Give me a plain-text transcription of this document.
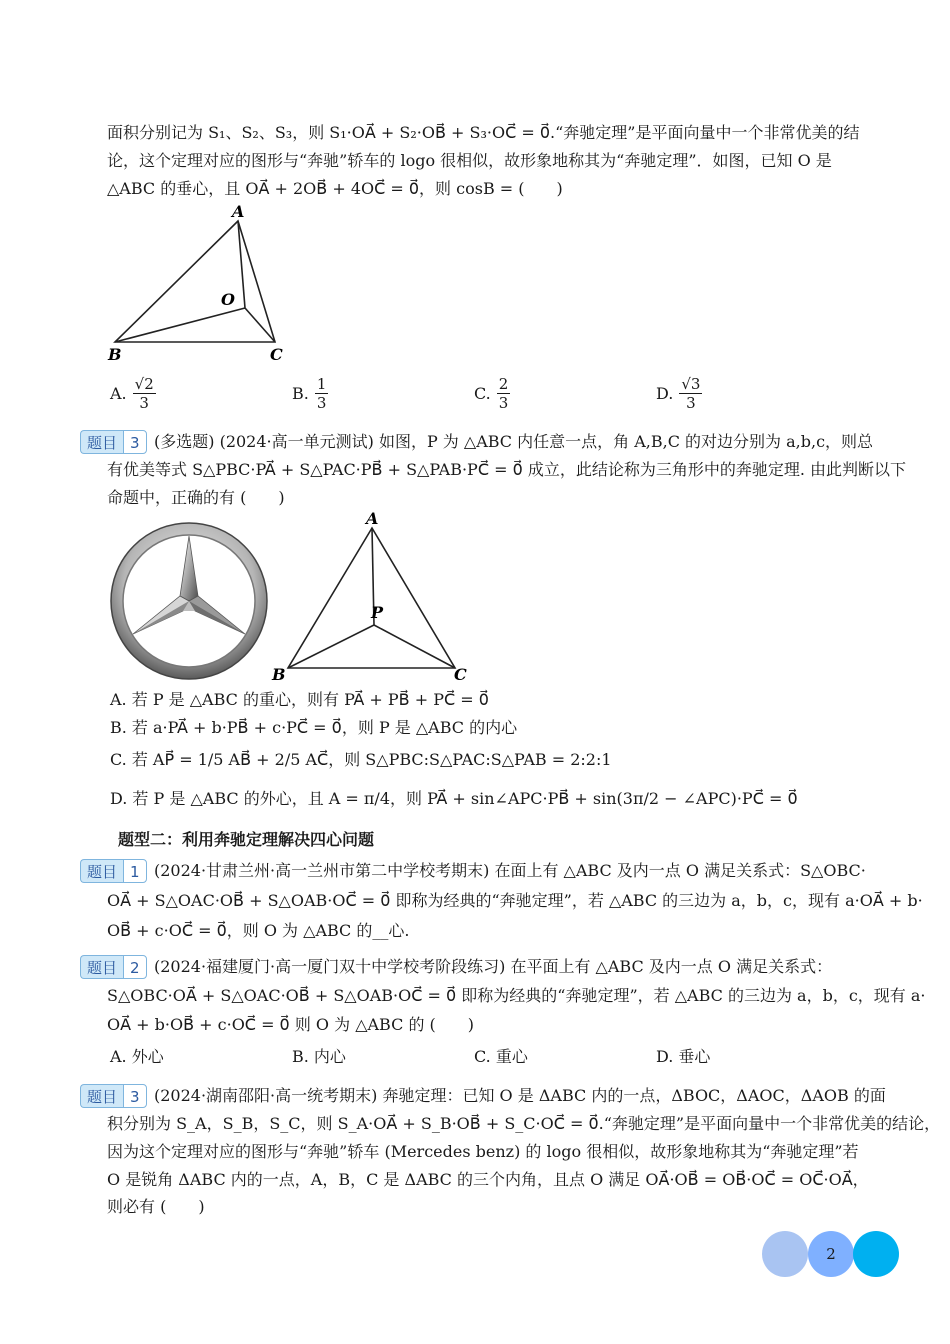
面积分别记为 S₁、S₂、S₃，则 S₁·OA⃗ + S₂·OB⃗ + S₃·OC⃗ = 0⃗.“奔驰定理”是平面向量中一个非常优美的结
论，这个定理对应的图形与“奔驰”轿车的 logo 很相似，故形象地称其为“奔驰定理”．如图，已知 O 是
△ABC 的垂心，且 OA⃗ + 2OB⃗ + 4OC⃗ = 0⃗，则 cosB = (　　)
A
B	C
O
A. $\frac{√2}{3}$	B. $\frac{1}{3}$	C. $\frac{2}{3}$	D. $\frac{√3}{3}$
题目 3 (多选题) (2024·高一单元测试) 如图，P 为 △ABC 内任意一点，角 A,B,C 的对边分别为 a,b,c，则总
有优美等式 S△PBC·PA⃗ + S△PAC·PB⃗ + S△PAB·PC⃗ = 0⃗ 成立，此结论称为三角形中的奔驰定理. 由此判断以下
命题中，正确的有 (　　)
A
B	C
P
A. 若 P 是 △ABC 的重心，则有 PA⃗ + PB⃗ + PC⃗ = 0⃗
B. 若 a·PA⃗ + b·PB⃗ + c·PC⃗ = 0⃗，则 P 是 △ABC 的内心
C. 若 AP⃗ = 1/5 AB⃗ + 2/5 AC⃗，则 S△PBC:S△PAC:S△PAB = 2:2:1
D. 若 P 是 △ABC 的外心，且 A = π/4，则 PA⃗ + sin∠APC·PB⃗ + sin(3π/2 − ∠APC)·PC⃗ = 0⃗
题型二：利用奔驰定理解决四心问题
题目 1 (2024·甘肃兰州·高一兰州市第二中学校考期末) 在面上有 △ABC 及内一点 O 满足关系式：S△OBC·
OA⃗ + S△OAC·OB⃗ + S△OAB·OC⃗ = 0⃗ 即称为经典的“奔驰定理”，若 △ABC 的三边为 a，b，c，现有 a·OA⃗ + b·
OB⃗ + c·OC⃗ = 0⃗，则 O 为 △ABC 的__心.
题目 2 (2024·福建厦门·高一厦门双十中学校考阶段练习) 在平面上有 △ABC 及内一点 O 满足关系式：
S△OBC·OA⃗ + S△OAC·OB⃗ + S△OAB·OC⃗ = 0⃗ 即称为经典的“奔驰定理”，若 △ABC 的三边为 a，b，c，现有 a·
OA⃗ + b·OB⃗ + c·OC⃗ = 0⃗ 则 O 为 △ABC 的 (　　)
A. 外心	B. 内心	C. 重心	D. 垂心
题目 3 (2024·湖南邵阳·高一统考期末) 奔驰定理：已知 O 是 ΔABC 内的一点，ΔBOC，ΔAOC，ΔAOB 的面
积分别为 S_A，S_B，S_C，则 S_A·OA⃗ + S_B·OB⃗ + S_C·OC⃗ = 0⃗.“奔驰定理”是平面向量中一个非常优美的结论，
因为这个定理对应的图形与“奔驰”轿车 (Mercedes benz) 的 logo 很相似，故形象地称其为“奔驰定理”若
O 是锐角 ΔABC 内的一点，A，B，C 是 ΔABC 的三个内角，且点 O 满足 OA⃗·OB⃗ = OB⃗·OC⃗ = OC⃗·OA⃗，
则必有 (　　)
2
